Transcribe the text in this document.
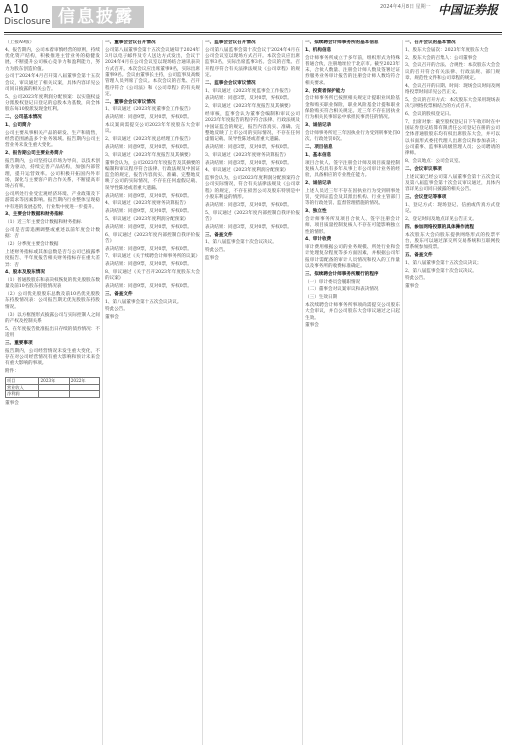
A10
Disclosure 信息披露	2024年4月8日 星期一 中国证券报

（上接A9版）

4、报告期内，公司本着审慎经营的原则，持续优化资产结构，积极推进主营业务的稳健发展，不断提升公司核心竞争力和盈利能力，努力为股东创造价值。

公司于2024年4月召开第八届董事会第十五次会议，审议通过了相关议案，具体内容详见公司同日披露的相关公告。

5、公司2023年度利润分配预案：以实施权益分派股权登记日登记的总股本为基数，向全体股东每10股派发现金红利。

二、公司基本情况

1、公司简介

公司主要从事相关产品的研发、生产和销售，经营范围涵盖多个业务领域。报告期内公司主营业务未发生重大变化。

2、报告期公司主要业务简介

报告期内，公司坚持以市场为导向，以技术创新为驱动，持续完善产品结构，加强内部管理，提升运营效率。公司积极开拓国内外市场，深化与主要客户的合作关系，不断提高市场占有率。

公司所处行业受宏观经济环境、产业政策及下游需求等因素影响。报告期内行业整体呈现稳中有进的发展态势，行业集中度进一步提升。

3、主要会计数据和财务指标

（1）近三年主要会计数据和财务指标

公司是否需追溯调整或重述以前年度会计数据：否

（2）分季度主要会计数据

上述财务指标或其加总数是否与公司已披露季度报告、半年度报告相关财务指标存在重大差异：否

4、股本及股东情况

（1）普通股股东和表决权恢复的优先股股东数量及前10名股东持股情况表

（2）公司优先股股东总数及前10名优先股股东持股情况表：公司报告期无优先股股东持股情况。

（3）以方框图形式披露公司与实际控制人之间的产权及控制关系

5、在年度报告批准报出日存续的债券情况：不适用

三、重要事项

报告期内，公司经营情况未发生重大变化，不存在对公司经营情况有重大影响和预计未来会有重大影响的事项。

附件：

项目	2023年	2022年
营业收入		
净利润		

董事会

一、董事会会议召开情况

公司第八届董事会第十五次会议通知于2024年3月以电子邮件及专人送达方式发出，会议于2024年4月在公司会议室以现场结合通讯表决方式召开。本次会议应出席董事9名，实际出席董事9名。会议由董事长主持，公司监事及高级管理人员列席了会议。本次会议的召集、召开程序符合《公司法》和《公司章程》的有关规定。

二、董事会会议审议情况

1、审议通过《2023年度董事会工作报告》

表决结果：同意9票，反对0票，弃权0票。

本议案尚需提交公司2023年年度股东大会审议。

2、审议通过《2023年度总经理工作报告》

表决结果：同意9票，反对0票，弃权0票。

3、审议通过《2023年年度报告及其摘要》

董事会认为，公司2023年年度报告及其摘要的编制和审议程序符合法律、行政法规及中国证监会的规定，报告内容真实、准确、完整地反映了公司的实际情况，不存在任何虚假记载、误导性陈述或者重大遗漏。

表决结果：同意9票，反对0票，弃权0票。

4、审议通过《2023年度财务决算报告》

表决结果：同意9票，反对0票，弃权0票。

5、审议通过《2023年度利润分配预案》

表决结果：同意9票，反对0票，弃权0票。

6、审议通过《2023年度内部控制自我评价报告》

表决结果：同意9票，反对0票，弃权0票。

7、审议通过《关于续聘会计师事务所的议案》

表决结果：同意9票，反对0票，弃权0票。

8、审议通过《关于召开2023年年度股东大会的议案》

表决结果：同意9票，反对0票，弃权0票。

三、备查文件

1、第八届董事会第十五次会议决议。

特此公告。

董事会

一、监事会会议召开情况

公司第八届监事会第十次会议于2024年4月在公司会议室以现场方式召开。本次会议应出席监事3名，实际出席监事3名。会议的召集、召开程序符合有关法律法规及《公司章程》的规定。

二、监事会会议审议情况

1、审议通过《2023年度监事会工作报告》

表决结果：同意3票，反对0票，弃权0票。

2、审议通过《2023年年度报告及其摘要》

经审核，监事会认为董事会编制和审议公司2023年年度报告的程序符合法律、行政法规及中国证监会的规定，报告内容真实、准确、完整地反映了上市公司的实际情况，不存在任何虚假记载、误导性陈述或者重大遗漏。

表决结果：同意3票，反对0票，弃权0票。

3、审议通过《2023年度财务决算报告》

表决结果：同意3票，反对0票，弃权0票。

4、审议通过《2023年度利润分配预案》

监事会认为，公司2023年度利润分配预案符合公司实际情况，符合有关法律法规及《公司章程》的规定，不存在损害公司及股东特别是中小股东利益的情形。

表决结果：同意3票，反对0票，弃权0票。

5、审议通过《2023年度内部控制自我评价报告》

表决结果：同意3票，反对0票，弃权0票。

三、备查文件

1、第八届监事会第十次会议决议。

特此公告。

监事会

一、拟续聘会计师事务所的基本信息

1、机构信息

会计师事务所成立于多年前，组织形式为特殊普通合伙，注册地址位于北京市。截至2023年末，合伙人数量、注册会计师人数及签署过证券服务业务审计报告的注册会计师人数均符合相关要求。

2、投资者保护能力

会计师事务所已按照相关规定计提职业风险基金和购买职业保险，职业风险基金计提和职业保险购买符合相关规定。近三年不存在因执业行为相关民事诉讼中承担民事责任的情况。

3、诚信记录

会计师事务所近三年因执业行为受到刑事处罚0次、行政处罚0次。

二、项目信息

1、基本信息

项目合伙人、签字注册会计师及项目质量控制复核人均具有多年从事上市公司审计业务的经验，具备相应的专业胜任能力。

2、诚信记录

上述人员近三年不存在因执业行为受到刑事处罚，受到证监会及其派出机构、行业主管部门等的行政处罚、监督管理措施的情况。

3、独立性

会计师事务所及项目合伙人、签字注册会计师、项目质量控制复核人不存在可能影响独立性的情形。

4、审计收费

审计费用根据公司的业务规模、所处行业和会计处理复杂程度等多方面因素，并根据公司年报审计需配备的审计人员情况和投入的工作量以及事务所的收费标准确定。

三、拟续聘会计师事务所履行的程序

（一）审计委员会履职情况

（二）董事会对议案审议和表决情况

（三）生效日期

本次续聘会计师事务所事项尚需提交公司股东大会审议，并自公司股东大会审议通过之日起生效。

董事会

一、召开会议的基本情况

1、股东大会届次：2023年年度股东大会

2、股东大会的召集人：公司董事会

3、会议召开的合法、合规性：本次股东大会会议的召开符合有关法律、行政法规、部门规章、规范性文件和公司章程的规定。

4、会议召开的日期、时间：现场会议时间及网络投票时间详见公告正文。

5、会议的召开方式：本次股东大会采用现场表决与网络投票相结合的方式召开。

6、会议的股权登记日。

7、出席对象：截至股权登记日下午收市时在中国证券登记结算有限责任公司登记在册的公司全体普通股股东均有权出席股东大会，并可以以书面形式委托代理人出席会议和参加表决；公司董事、监事和高级管理人员；公司聘请的律师。

8、会议地点：公司会议室。

二、会议审议事项

上述议案已经公司第八届董事会第十五次会议及第八届监事会第十次会议审议通过，具体内容详见公司同日披露的相关公告。

三、会议登记等事项

1、登记方式：现场登记、信函或传真方式登记。

2、登记时间及地点详见公告正文。

四、参加网络投票的具体操作流程

本次股东大会向股东提供网络形式的投票平台，股东可以通过深交所交易系统和互联网投票系统参加投票。

五、备查文件

1、第八届董事会第十五次会议决议；

2、第八届监事会第十次会议决议。

特此公告。

董事会
